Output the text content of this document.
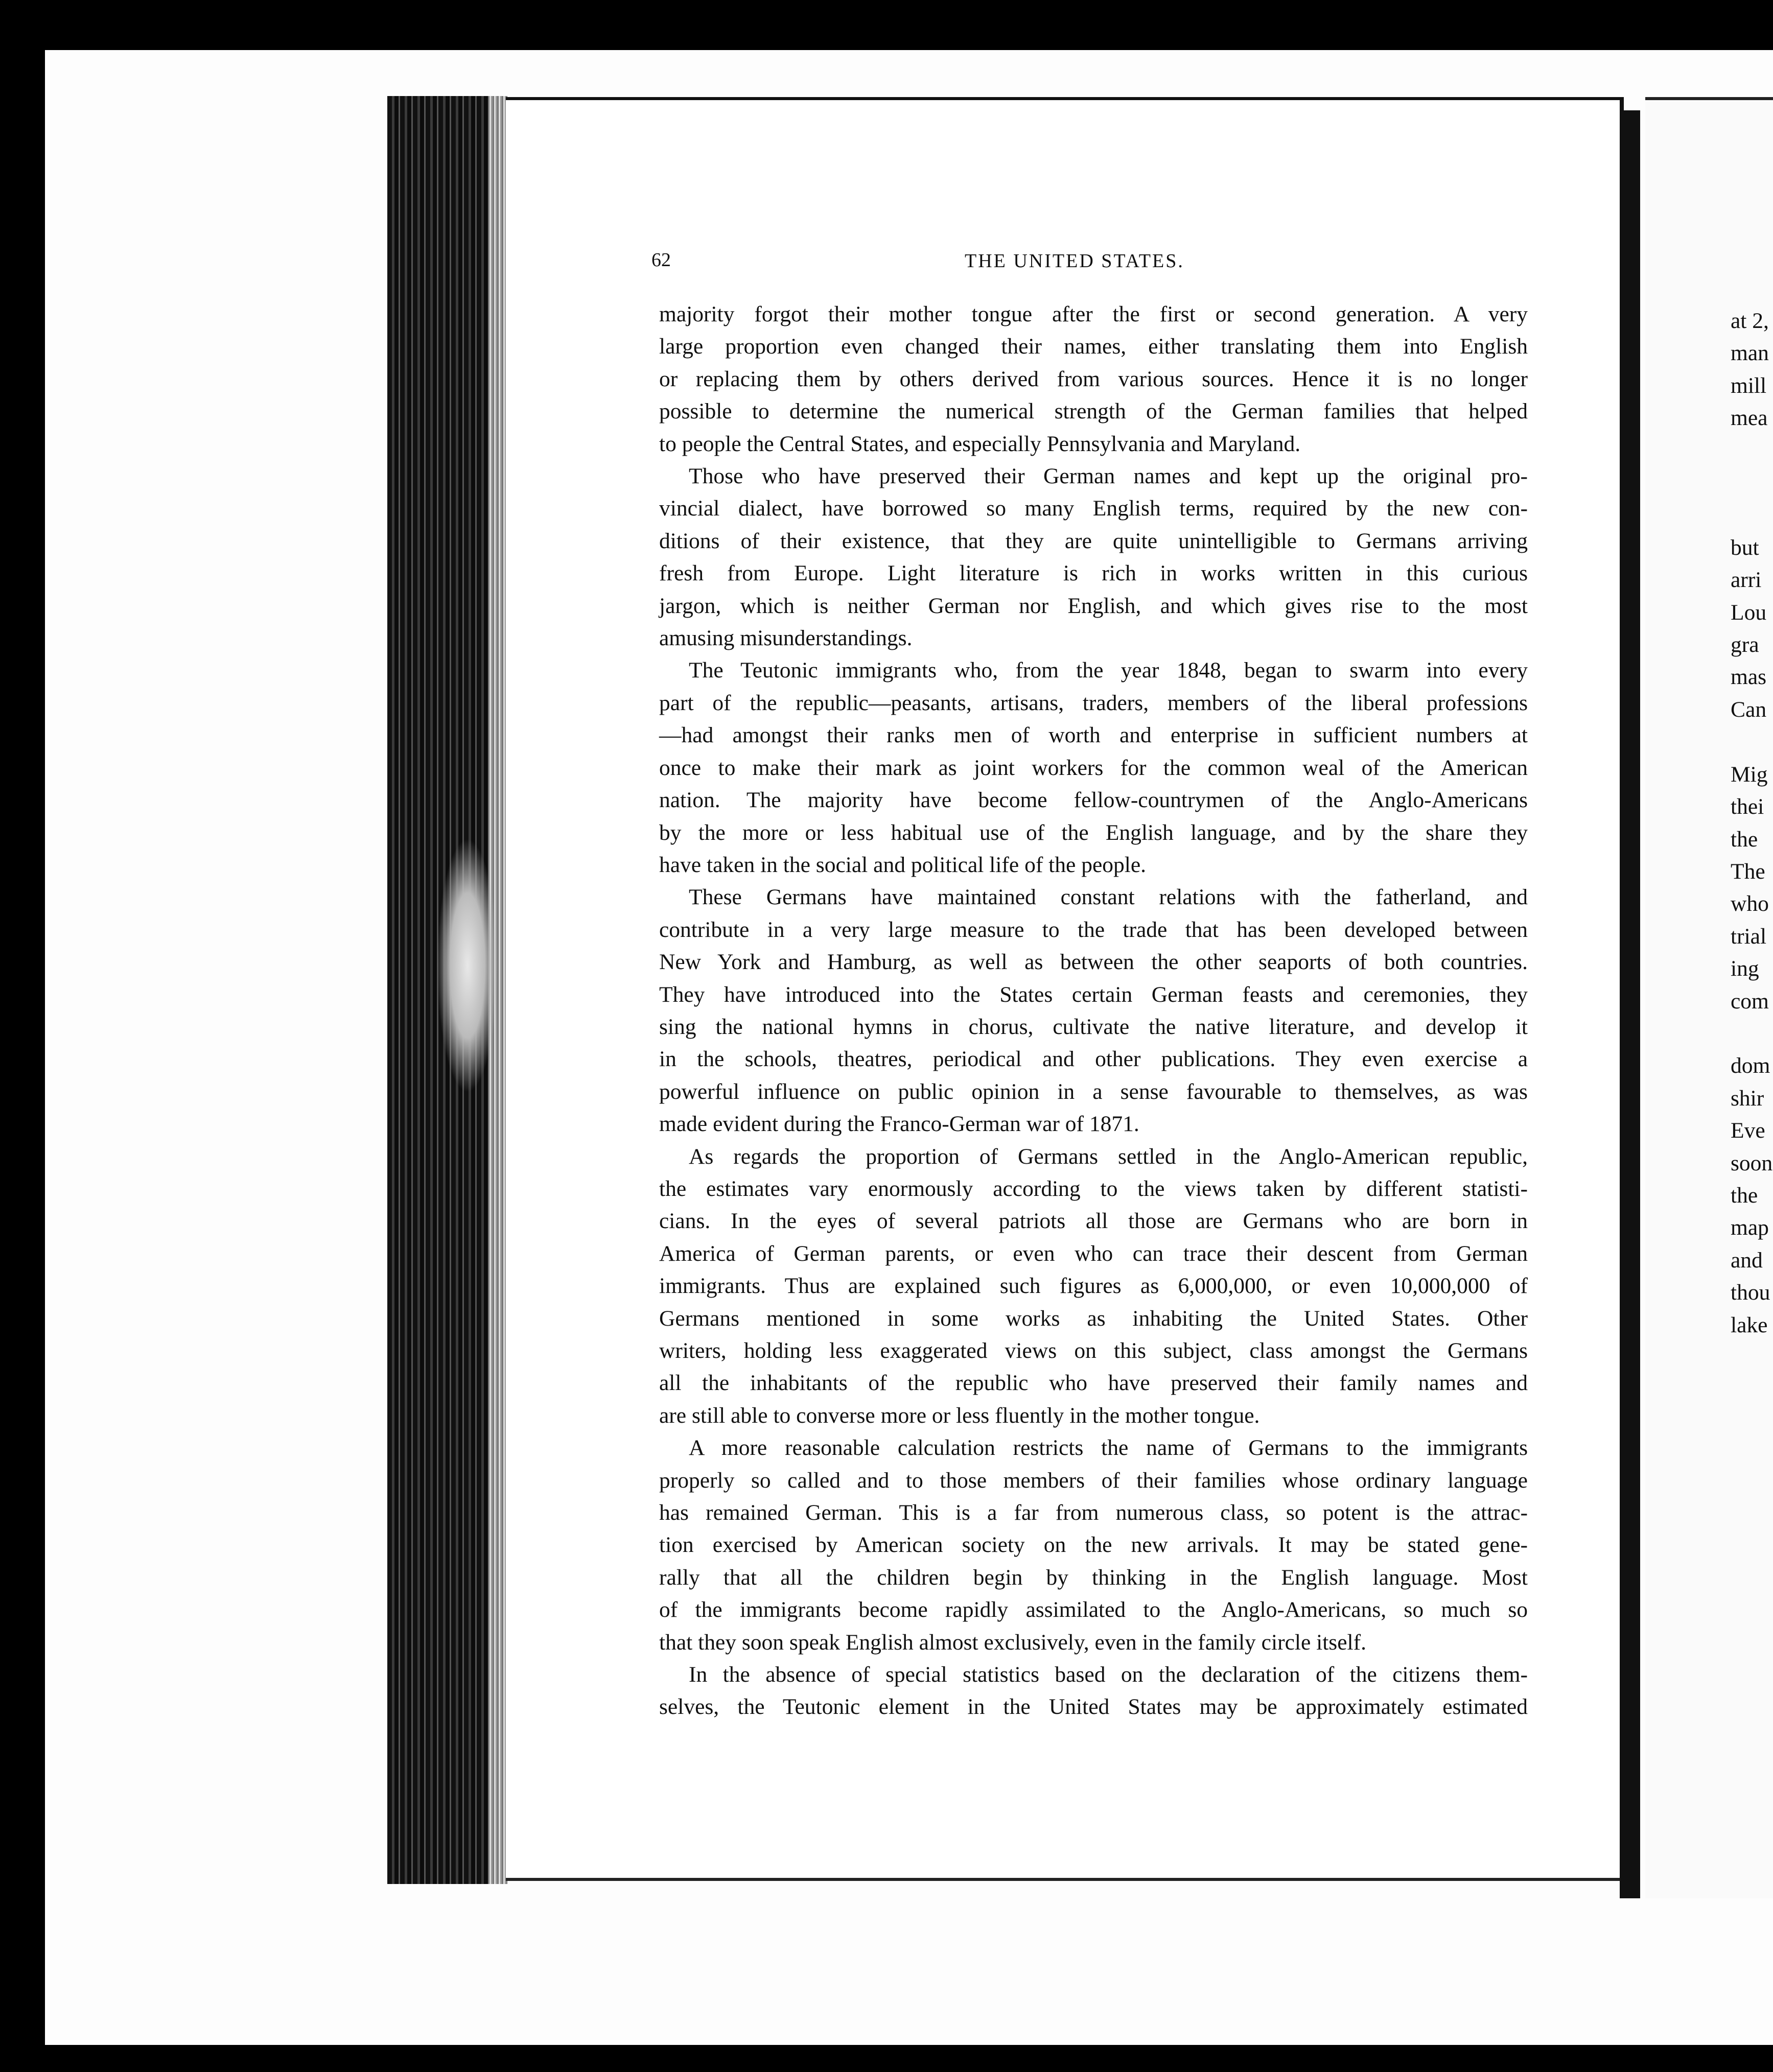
62	THE UNITED STATES.
majority forgot their mother tongue after the first or second generation. A very
large proportion even changed their names, either translating them into English
or replacing them by others derived from various sources. Hence it is no longer
possible to determine the numerical strength of the German families that helped
to people the Central States, and especially Pennsylvania and Maryland.
Those who have preserved their German names and kept up the original pro-
vincial dialect, have borrowed so many English terms, required by the new con-
ditions of their existence, that they are quite unintelligible to Germans arriving
fresh from Europe. Light literature is rich in works written in this curious
jargon, which is neither German nor English, and which gives rise to the most
amusing misunderstandings.
The Teutonic immigrants who, from the year 1848, began to swarm into every
part of the republic—peasants, artisans, traders, members of the liberal professions
—had amongst their ranks men of worth and enterprise in sufficient numbers at
once to make their mark as joint workers for the common weal of the American
nation. The majority have become fellow-countrymen of the Anglo-Americans
by the more or less habitual use of the English language, and by the share they
have taken in the social and political life of the people.
These Germans have maintained constant relations with the fatherland, and
contribute in a very large measure to the trade that has been developed between
New York and Hamburg, as well as between the other seaports of both countries.
They have introduced into the States certain German feasts and ceremonies, they
sing the national hymns in chorus, cultivate the native literature, and develop it
in the schools, theatres, periodical and other publications. They even exercise a
powerful influence on public opinion in a sense favourable to themselves, as was
made evident during the Franco-German war of 1871.
As regards the proportion of Germans settled in the Anglo-American republic,
the estimates vary enormously according to the views taken by different statisti-
cians. In the eyes of several patriots all those are Germans who are born in
America of German parents, or even who can trace their descent from German
immigrants. Thus are explained such figures as 6,000,000, or even 10,000,000 of
Germans mentioned in some works as inhabiting the United States. Other
writers, holding less exaggerated views on this subject, class amongst the Germans
all the inhabitants of the republic who have preserved their family names and
are still able to converse more or less fluently in the mother tongue.
A more reasonable calculation restricts the name of Germans to the immigrants
properly so called and to those members of their families whose ordinary language
has remained German. This is a far from numerous class, so potent is the attrac-
tion exercised by American society on the new arrivals. It may be stated gene-
rally that all the children begin by thinking in the English language. Most
of the immigrants become rapidly assimilated to the Anglo-Americans, so much so
that they soon speak English almost exclusively, even in the family circle itself.
In the absence of special statistics based on the declaration of the citizens them-
selves, the Teutonic element in the United States may be approximately estimated
at 2,
man
mill
mea

but
arri
Lou
gra
mas
Can

Mig
thei
the
The
who
trial
ing
com

dom
shir
Eve
soon
the
map
and
thou
lake
